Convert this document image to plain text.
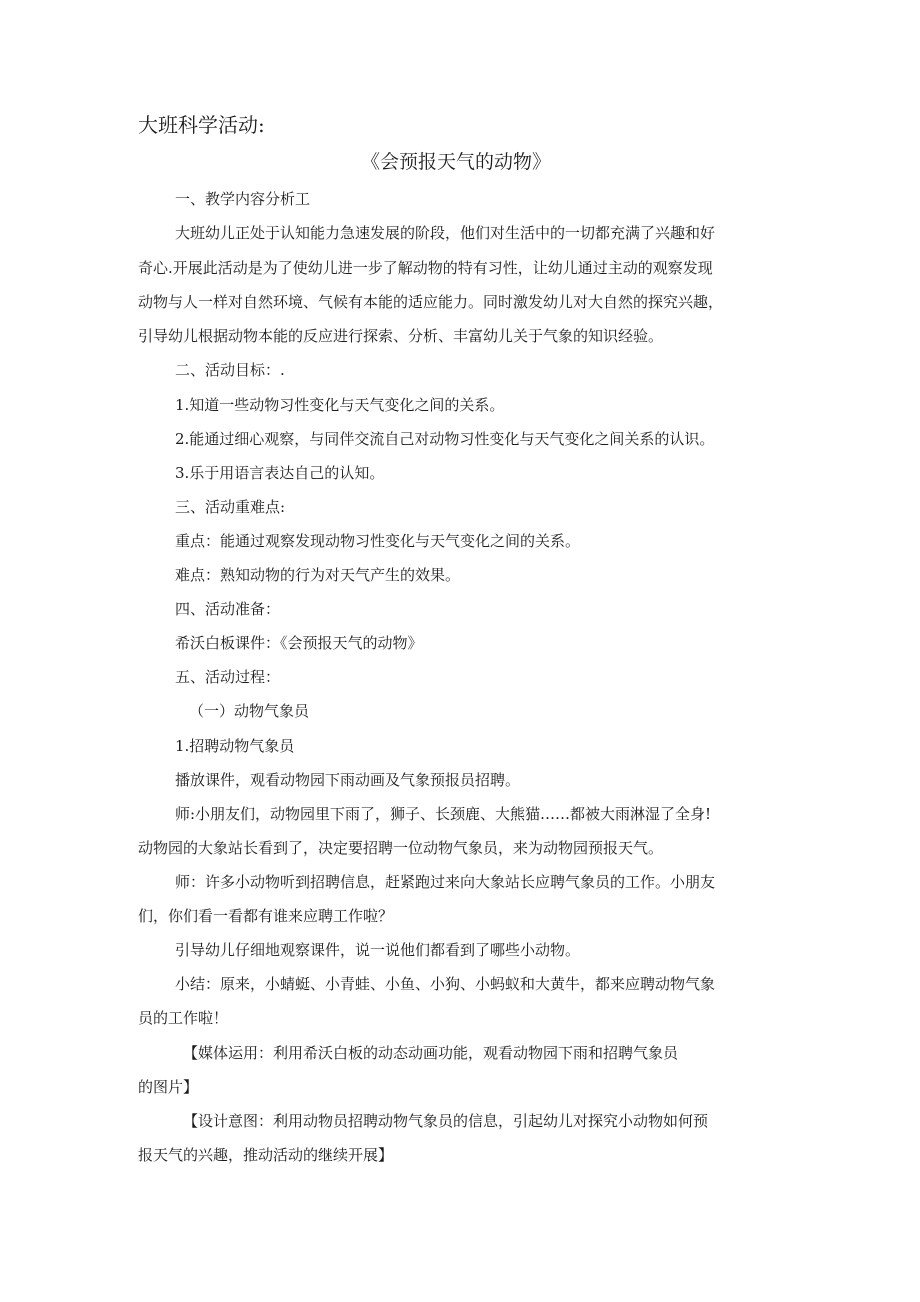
大班科学活动:

《会预报天气的动物》

一、教学内容分析工

大班幼儿正处于认知能力急速发展的阶段，他们对生活中的一切都充满了兴趣和好

奇心.开展此活动是为了使幼儿进一步了解动物的特有习性，让幼儿通过主动的观察发现

动物与人一样对自然环境、气候有本能的适应能力。同时激发幼儿对大自然的探究兴趣，

引导幼儿根据动物本能的反应进行探索、分析、丰富幼儿关于气象的知识经验。

二、活动目标：.

1.知道一些动物习性变化与天气变化之间的关系。

2.能通过细心观察，与同伴交流自己对动物习性变化与天气变化之间关系的认识。

3.乐于用语言表达自己的认知。

三、活动重难点:

重点：能通过观察发现动物习性变化与天气变化之间的关系。

难点：熟知动物的行为对天气产生的效果。

四、活动准备：

希沃白板课件：《会预报天气的动物》

五、活动过程：

（一）动物气象员

1.招聘动物气象员

播放课件，观看动物园下雨动画及气象预报员招聘。

师:小朋友们，动物园里下雨了，狮子、长颈鹿、大熊猫……都被大雨淋湿了全身!

动物园的大象站长看到了，决定要招聘一位动物气象员，来为动物园预报天气。

师：许多小动物听到招聘信息，赶紧跑过来向大象站长应聘气象员的工作。小朋友

们，你们看一看都有谁来应聘工作啦？

引导幼儿仔细地观察课件，说一说他们都看到了哪些小动物。

小结：原来，小蜻蜓、小青蛙、小鱼、小狗、小蚂蚁和大黄牛，都来应聘动物气象

员的工作啦！

【媒体运用：利用希沃白板的动态动画功能，观看动物园下雨和招聘气象员

的图片】

【设计意图：利用动物员招聘动物气象员的信息，引起幼儿对探究小动物如何预

报天气的兴趣，推动活动的继续开展】
